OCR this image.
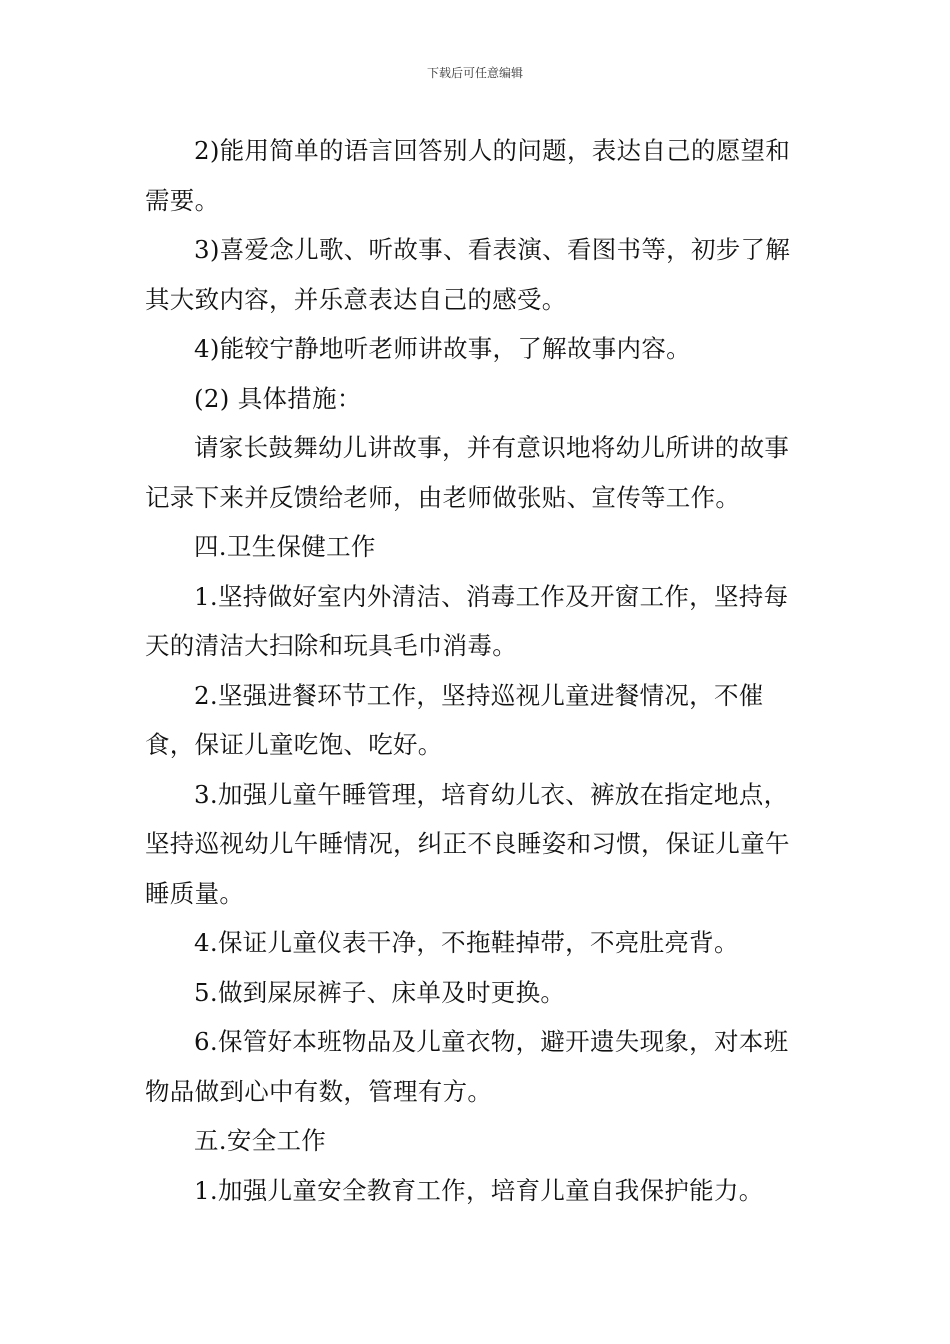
下载后可任意编辑

2)能用简单的语言回答别人的问题，表达自己的愿望和需要。

3)喜爱念儿歌、听故事、看表演、看图书等，初步了解其大致内容，并乐意表达自己的感受。

4)能较宁静地听老师讲故事，了解故事内容。

(2) 具体措施：

请家长鼓舞幼儿讲故事，并有意识地将幼儿所讲的故事记录下来并反馈给老师，由老师做张贴、宣传等工作。

四.卫生保健工作

1.坚持做好室内外清洁、消毒工作及开窗工作，坚持每天的清洁大扫除和玩具毛巾消毒。

2.坚强进餐环节工作，坚持巡视儿童进餐情况，不催食，保证儿童吃饱、吃好。

3.加强儿童午睡管理，培育幼儿衣、裤放在指定地点，坚持巡视幼儿午睡情况，纠正不良睡姿和习惯，保证儿童午睡质量。

4.保证儿童仪表干净，不拖鞋掉带，不亮肚亮背。

5.做到屎尿裤子、床单及时更换。

6.保管好本班物品及儿童衣物，避开遗失现象，对本班物品做到心中有数，管理有方。

五.安全工作

1.加强儿童安全教育工作，培育儿童自我保护能力。
